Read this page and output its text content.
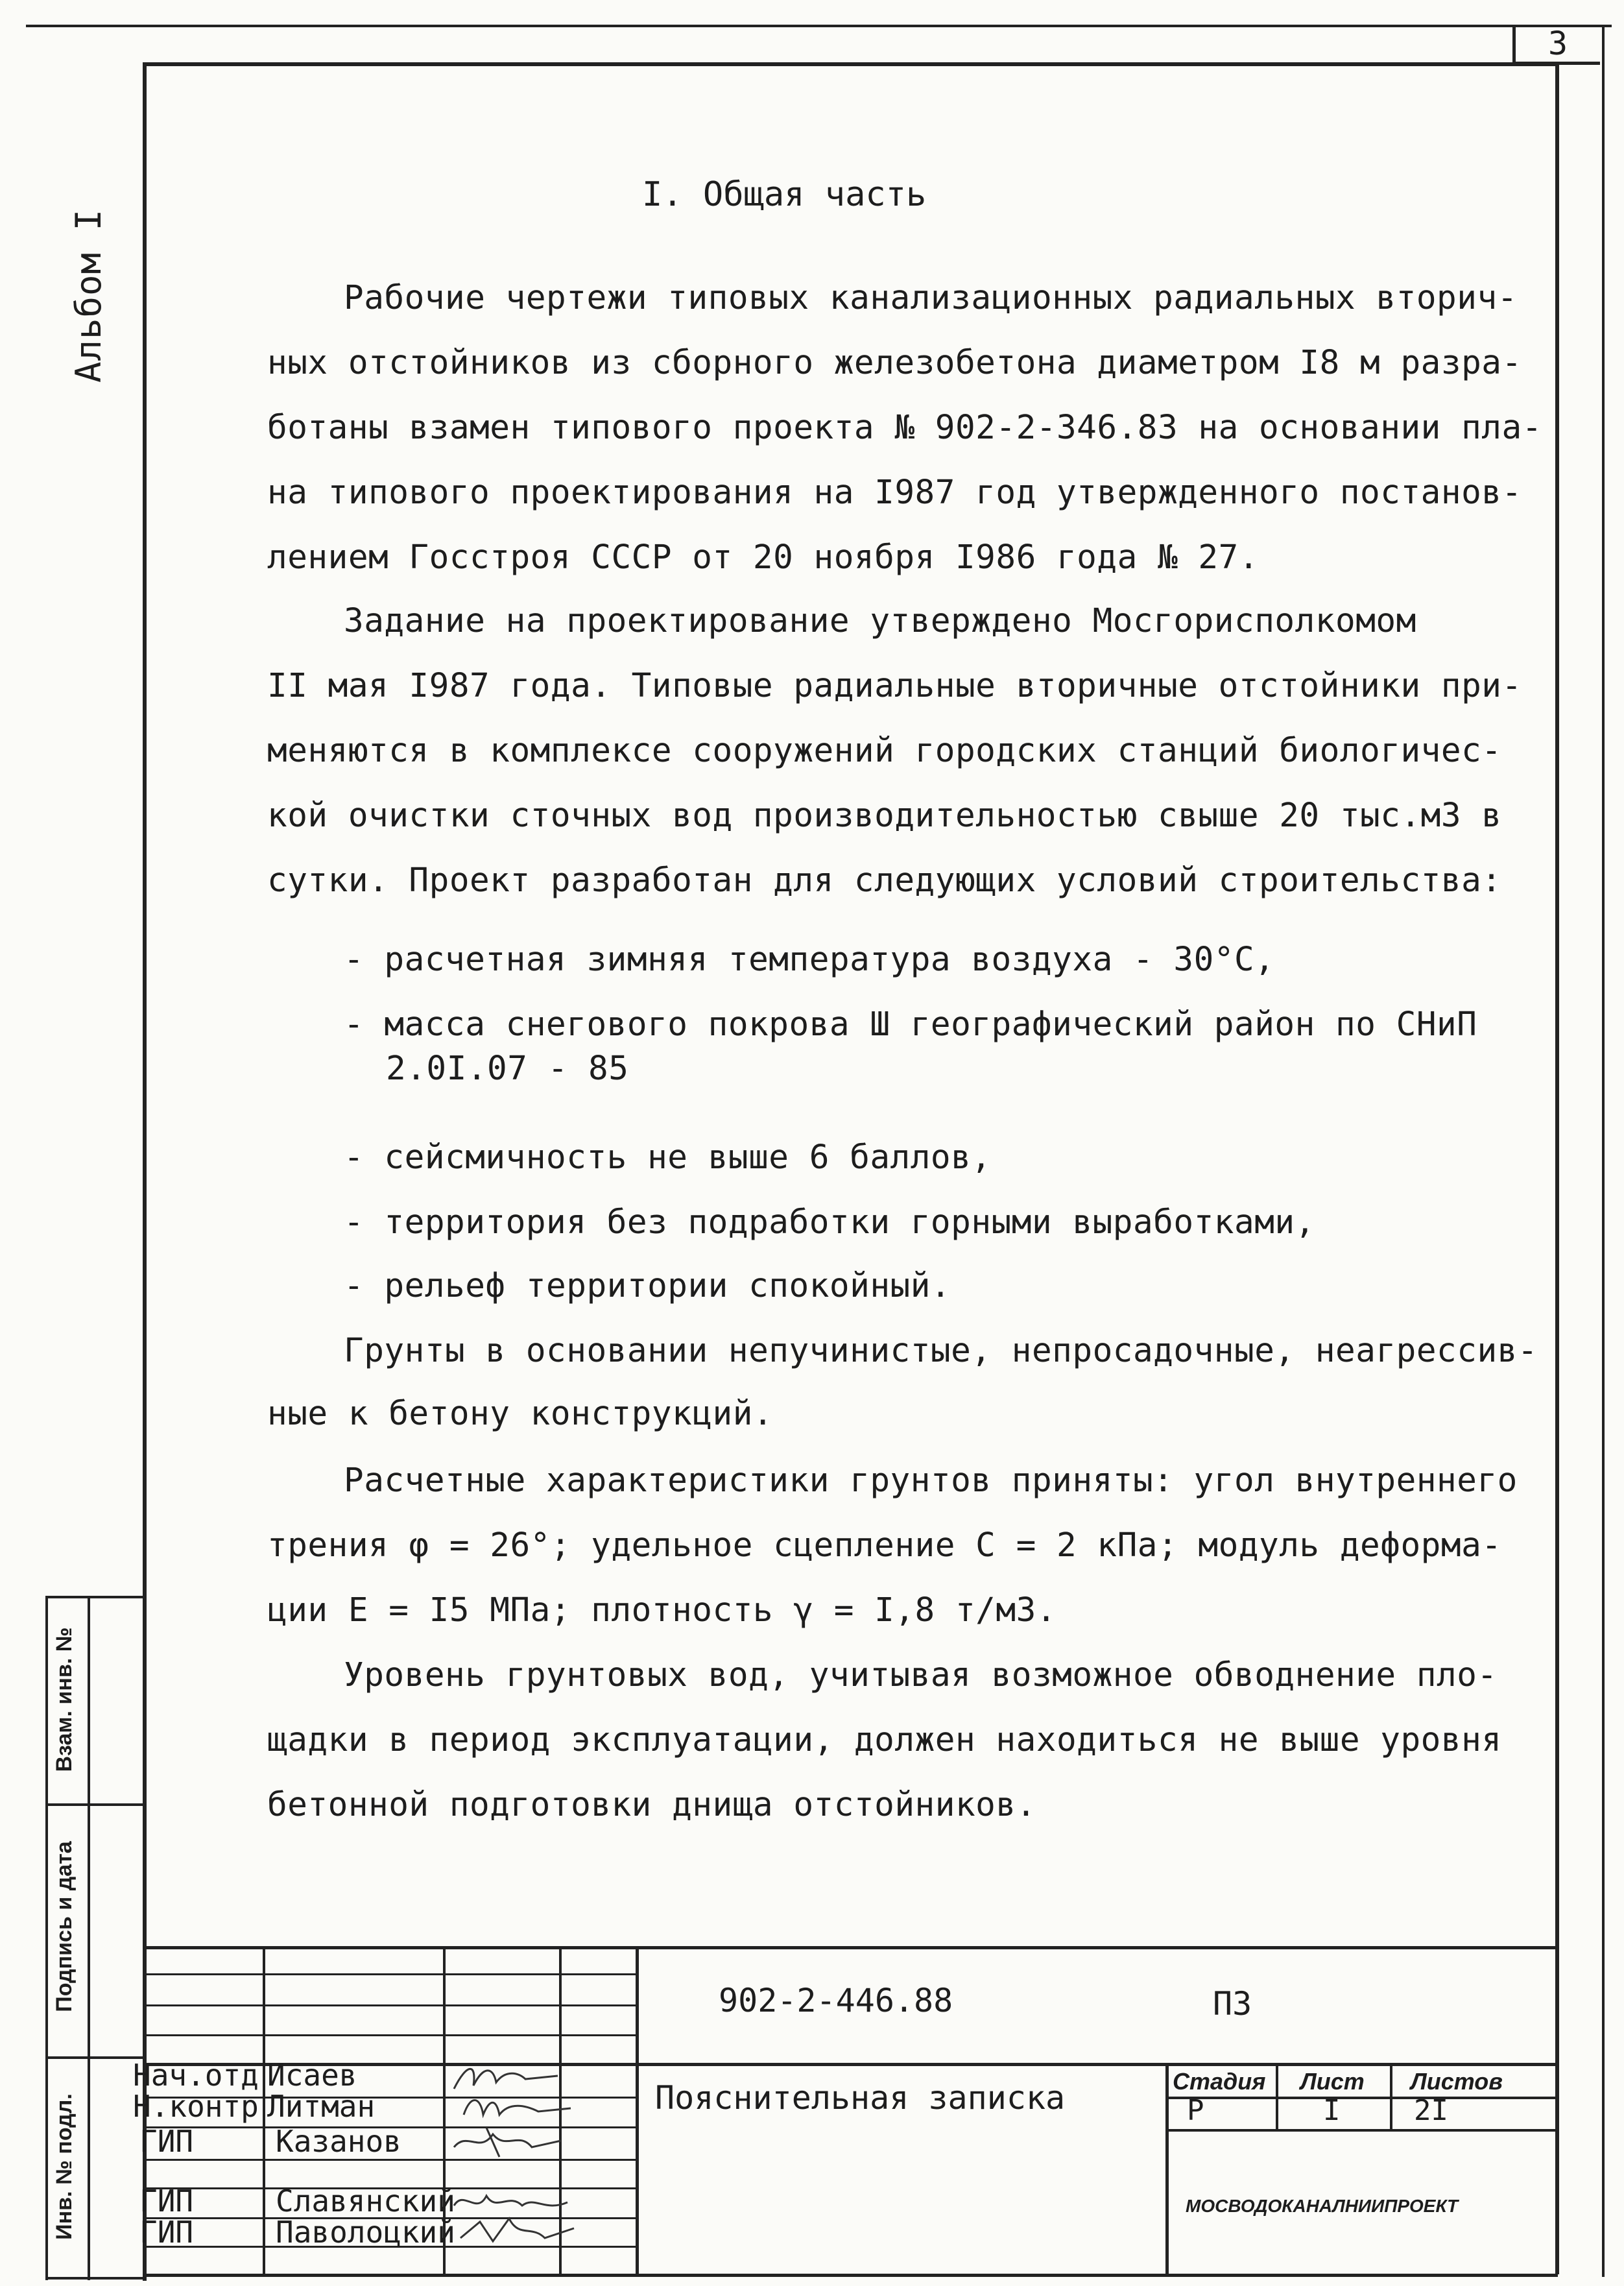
3
Альбом I
I. Общая часть
Рабочие чертежи типовых канализационных радиальных вторич-
ных отстойников из сборного железобетона диаметром I8 м разра-
ботаны взамен типового проекта № 902-2-346.83 на основании пла-
на типового проектирования на I987 год утвержденного постанов-
лением Госстроя СССР от 20 ноября I986 года № 27.
Задание на проектирование утверждено Мосгорисполкомом
II мая I987 года. Типовые радиальные вторичные отстойники при-
меняются в комплексе сооружений городских станций биологичес-
кой очистки сточных вод производительностью свыше 20 тыс.м3 в
сутки. Проект разработан для следующих условий строительства:
- расчетная зимняя температура воздуха - 30°С,
- масса снегового покрова Ш географический район по СНиП
2.0I.07 - 85
- сейсмичность не выше 6 баллов,
- территория без подработки горными выработками,
- рельеф территории спокойный.
Грунты в основании непучинистые, непросадочные, неагрессив-
ные к бетону конструкций.
Расчетные характеристики грунтов приняты: угол внутреннего
трения φ = 26°; удельное сцепление С = 2 кПа; модуль деформа-
ции Е = I5 МПа; плотность γ = I,8 т/м3.
Уровень грунтовых вод, учитывая возможное обводнение пло-
щадки в период эксплуатации, должен находиться не выше уровня
бетонной подготовки днища отстойников.
Взам. инв. №
Подпись и дата
Инв. № подл.
902-2-446.88	ПЗ
Пояснительная записка	Стадия Лист Листов
Р	I	2I
МОСВОДОКАНАЛНИИПРОЕКТ
Нач.отд Исаев
Н.контр Литман
ГИП	Казанов
ГИП	Славянский
ГИП	Паволоцкий
